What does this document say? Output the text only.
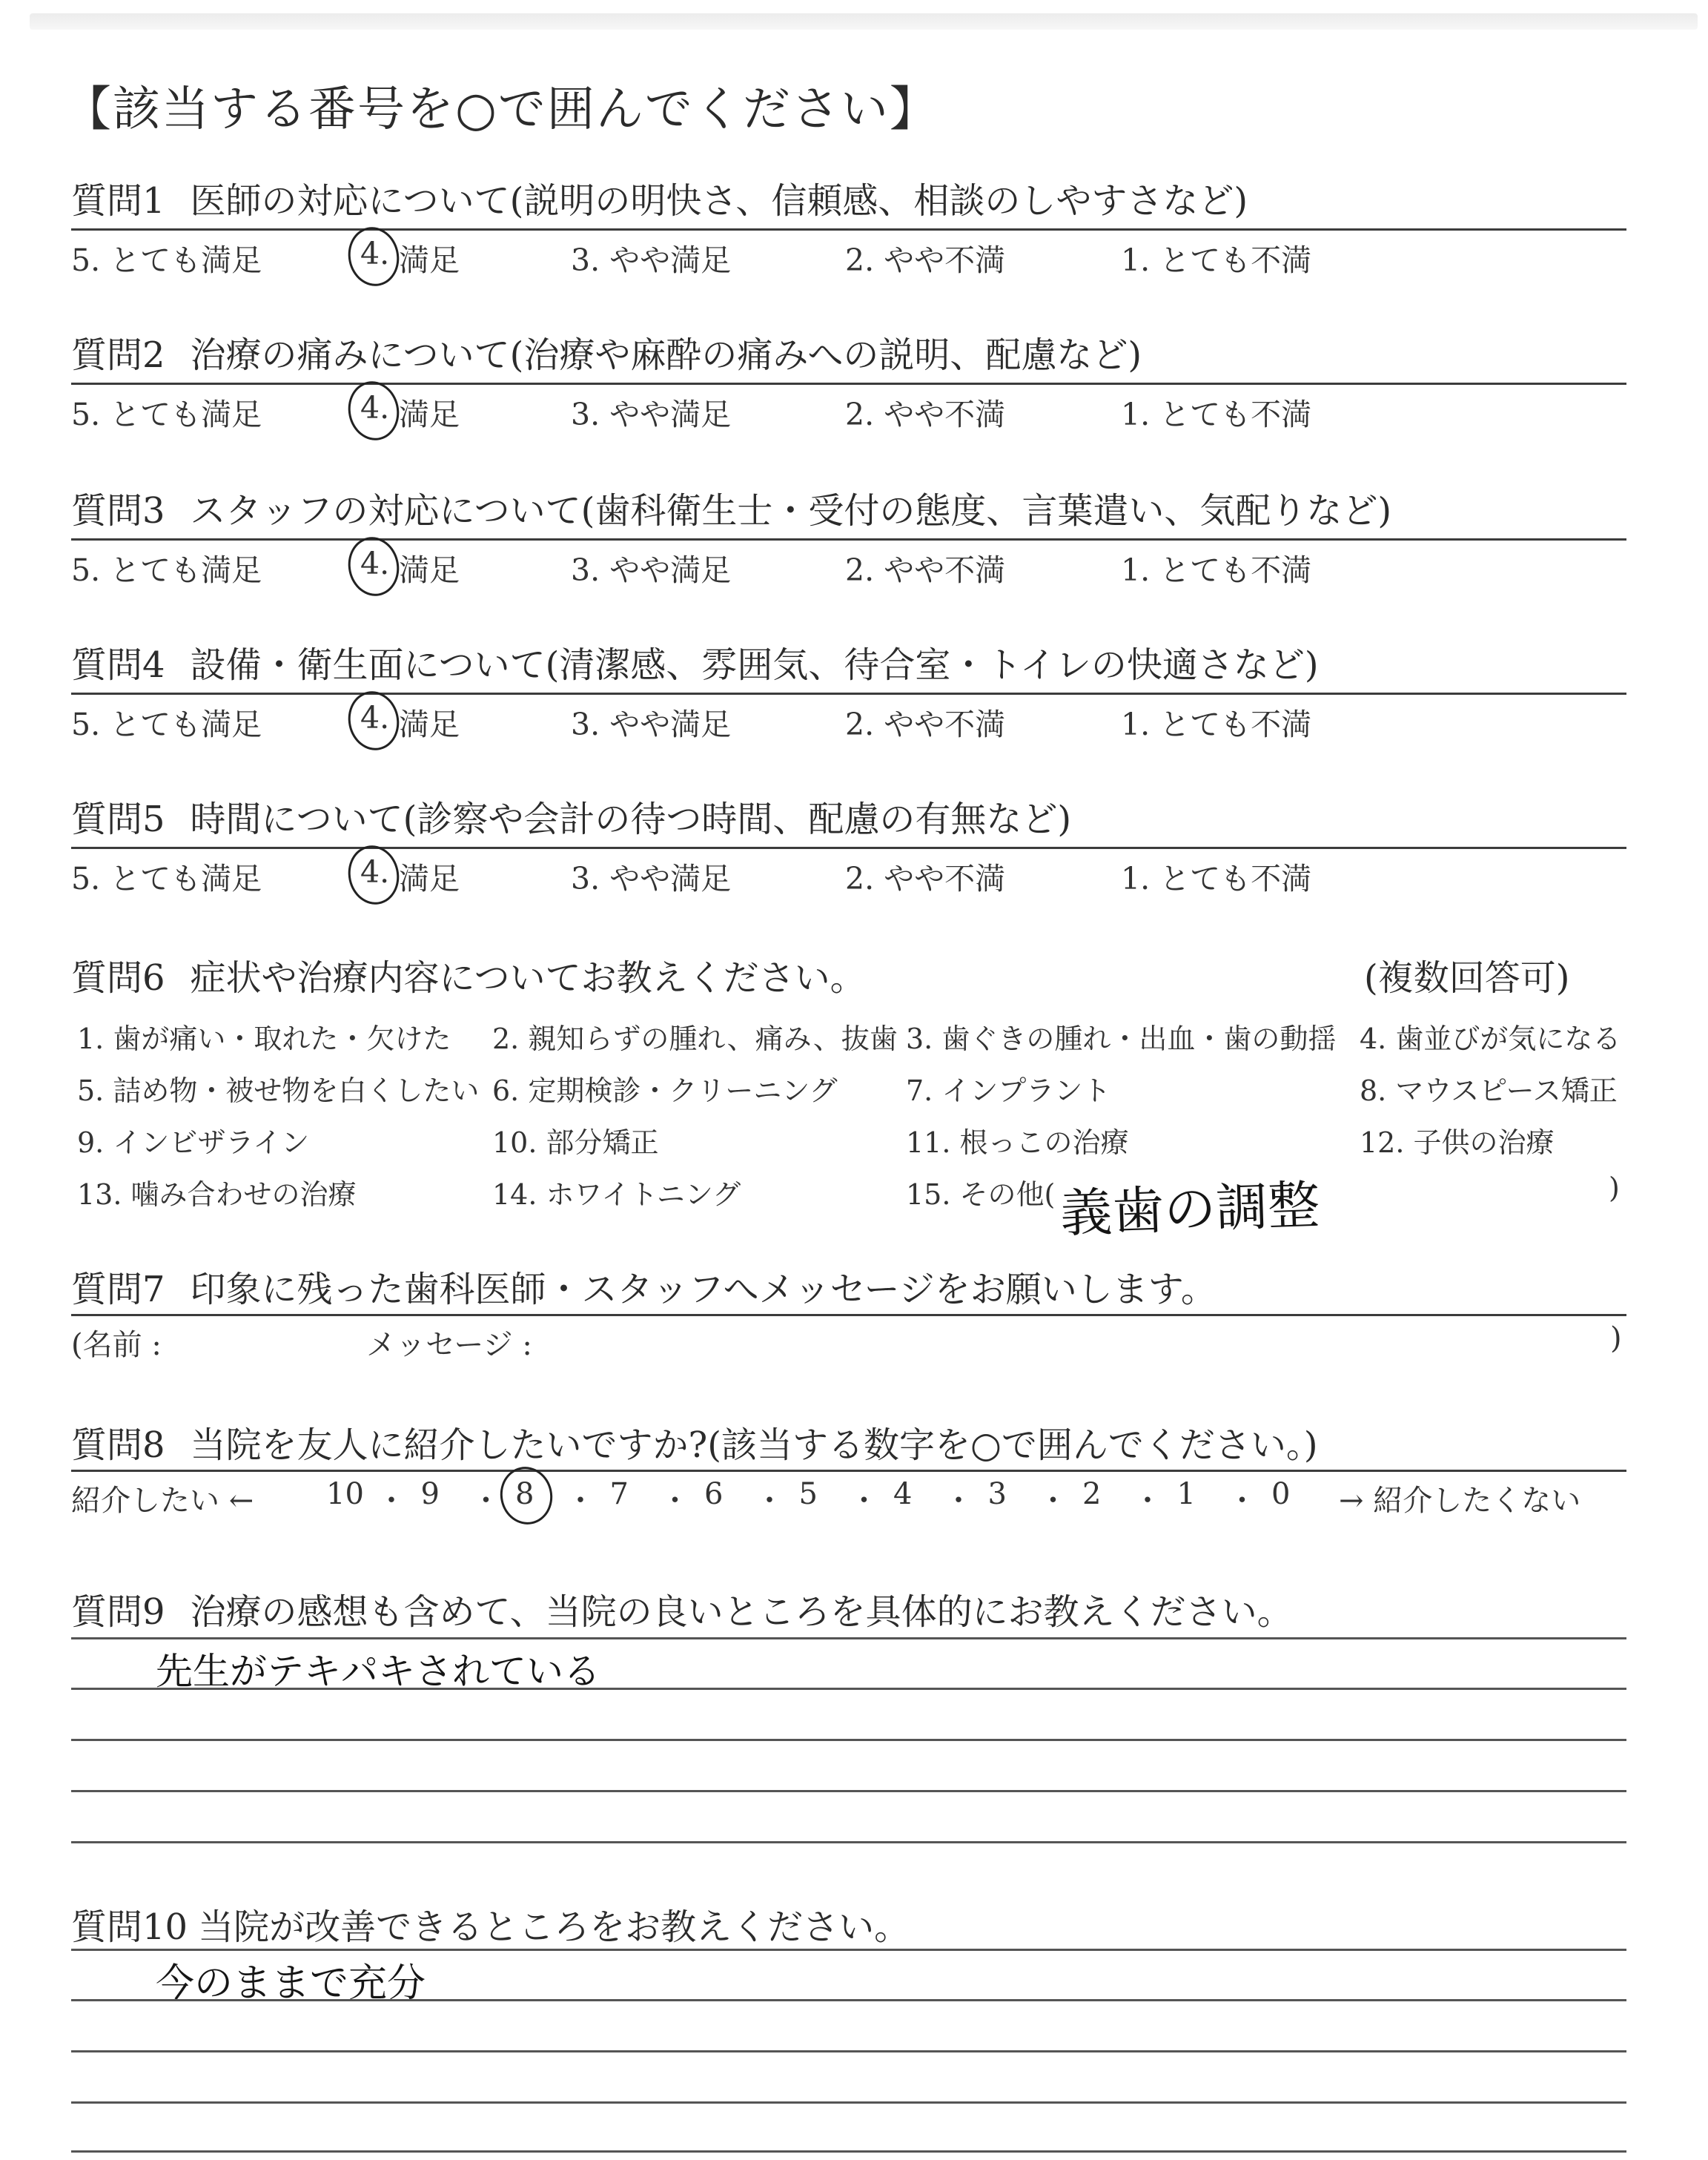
【該当する番号を○で囲んでください】
質問1 医師の対応について(説明の明快さ、信頼感、相談のしやすさなど)
5. とても満足	4. 満足	3. やや満足	2. やや不満	1. とても不満
質問2 治療の痛みについて(治療や麻酔の痛みへの説明、配慮など)
5. とても満足	4. 満足	3. やや満足	2. やや不満	1. とても不満
質問3 スタッフの対応について(歯科衛生士・受付の態度、言葉遣い、気配りなど)
5. とても満足	4. 満足	3. やや満足	2. やや不満	1. とても不満
質問4 設備・衛生面について(清潔感、雰囲気、待合室・トイレの快適さなど)
5. とても満足	4. 満足	3. やや満足	2. やや不満	1. とても不満
質問5 時間について(診察や会計の待つ時間、配慮の有無など)
5. とても満足	4. 満足	3. やや満足	2. やや不満	1. とても不満
質問6 症状や治療内容についてお教えください。	(複数回答可)
1. 歯が痛い・取れた・欠けた 2. 親知らずの腫れ、痛み、抜歯 3. 歯ぐきの腫れ・出血・歯の動揺 4. 歯並びが気になる
5. 詰め物・被せ物を白くしたい 6. 定期検診・クリーニング 7. インプラント	8. マウスピース矯正
9. インビザライン	10. 部分矯正	11. 根っこの治療	12. 子供の治療
13. 噛み合わせの治療	14. ホワイトニング	15. その他(	)
義歯の調整
質問7 印象に残った歯科医師・スタッフへメッセージをお願いします。
(名前 :	メッセージ :	)
質問8 当院を友人に紹介したいですか?(該当する数字を○で囲んでください。)
紹介したい ← 10 ・ 9 ・ 8 ・ 7 ・ 6 ・ 5 ・ 4 ・ 3 ・ 2 ・ 1 ・ 0 → 紹介したくない
質問9 治療の感想も含めて、当院の良いところを具体的にお教えください。
先生がテキパキされている
質問10 当院が改善できるところをお教えください。
今のままで充分
